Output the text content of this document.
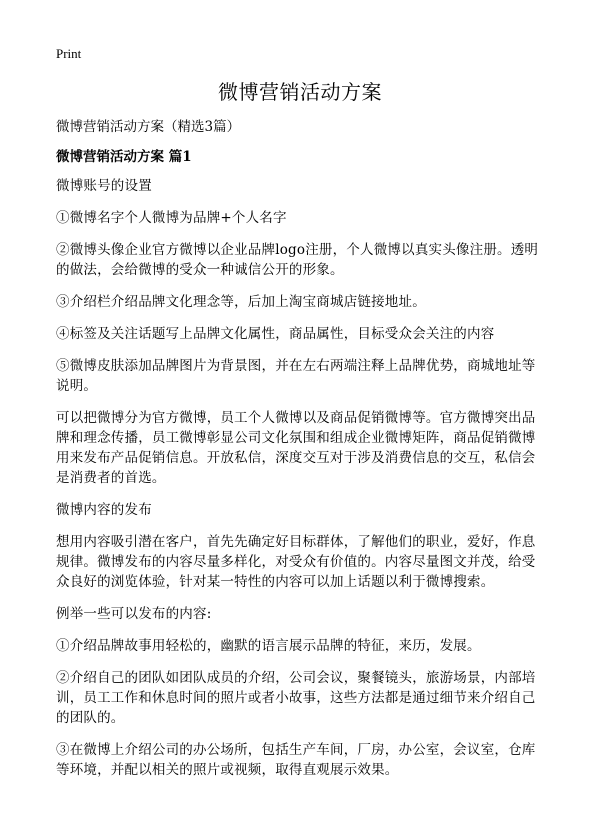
Print
微博营销活动方案

微博营销活动方案（精选3篇）

微博营销活动方案 篇1

微博账号的设置

①微博名字个人微博为品牌+个人名字

②微博头像企业官方微博以企业品牌logo注册，个人微博以真实头像注册。透明的做法，会给微博的受众一种诚信公开的形象。

③介绍栏介绍品牌文化理念等，后加上淘宝商城店链接地址。

④标签及关注话题写上品牌文化属性，商品属性，目标受众会关注的内容

⑤微博皮肤添加品牌图片为背景图，并在左右两端注释上品牌优势，商城地址等说明。

可以把微博分为官方微博，员工个人微博以及商品促销微博等。官方微博突出品牌和理念传播，员工微博彰显公司文化氛围和组成企业微博矩阵，商品促销微博用来发布产品促销信息。开放私信，深度交互对于涉及消费信息的交互，私信会是消费者的首选。

微博内容的发布

想用内容吸引潜在客户，首先先确定好目标群体，了解他们的职业，爱好，作息规律。微博发布的内容尽量多样化，对受众有价值的。内容尽量图文并茂，给受众良好的浏览体验，针对某一特性的内容可以加上话题以利于微博搜索。

例举一些可以发布的内容:

①介绍品牌故事用轻松的，幽默的语言展示品牌的特征，来历，发展。

②介绍自己的团队如团队成员的介绍，公司会议，聚餐镜头，旅游场景，内部培训，员工工作和休息时间的照片或者小故事，这些方法都是通过细节来介绍自己的团队的。

③在微博上介绍公司的办公场所，包括生产车间，厂房，办公室，会议室，仓库等环境，并配以相关的照片或视频，取得直观展示效果。
